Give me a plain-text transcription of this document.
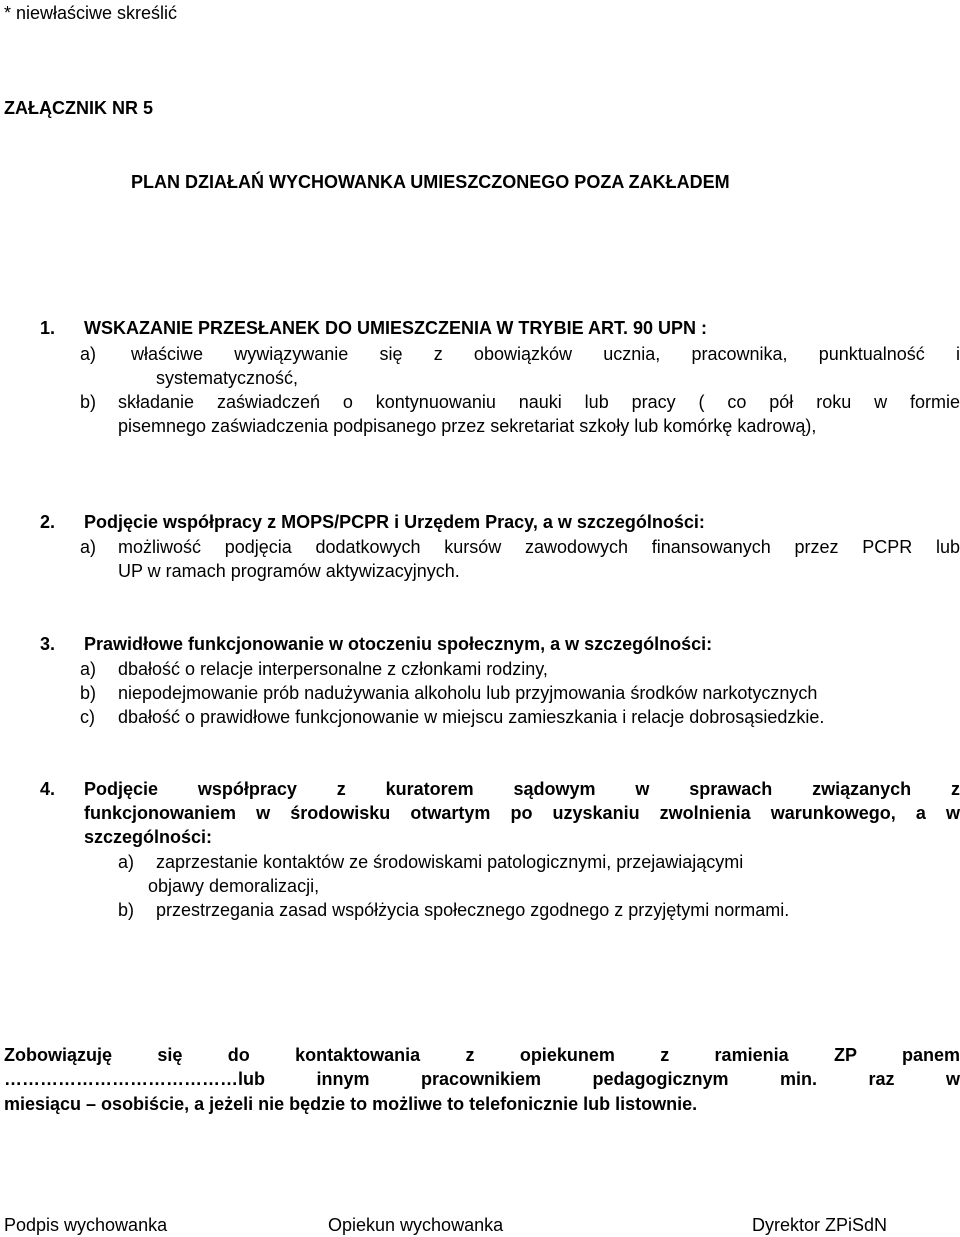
* niewłaściwe skreślić
ZAŁĄCZNIK NR 5
PLAN DZIAŁAŃ WYCHOWANKA UMIESZCZONEGO POZA ZAKŁADEM
1. WSKAZANIE PRZESŁANEK DO UMIESZCZENIA W TRYBIE ART. 90 UPN :
a) właściwe wywiązywanie się z obowiązków ucznia, pracownika, punktualność i
systematyczność,
b) składanie zaświadczeń o kontynuowaniu nauki lub pracy ( co pół roku w formie
pisemnego zaświadczenia podpisanego przez sekretariat szkoły lub komórkę kadrową),
2. Podjęcie współpracy z MOPS/PCPR i Urzędem Pracy, a w szczególności:
a) możliwość podjęcia dodatkowych kursów zawodowych finansowanych przez PCPR lub
UP w ramach programów aktywizacyjnych.
3. Prawidłowe funkcjonowanie w otoczeniu społecznym, a w szczególności:
a) dbałość o relacje interpersonalne z członkami rodziny,
b) niepodejmowanie prób nadużywania alkoholu lub przyjmowania środków narkotycznych
c) dbałość o prawidłowe funkcjonowanie w miejscu zamieszkania i relacje dobrosąsiedzkie.
4. Podjęcie współpracy z kuratorem sądowym w sprawach związanych z
funkcjonowaniem w środowisku otwartym po uzyskaniu zwolnienia warunkowego, a w
szczególności:
a) zaprzestanie kontaktów ze środowiskami patologicznymi, przejawiającymi
objawy demoralizacji,
b) przestrzegania zasad współżycia społecznego zgodnego z przyjętymi normami.
Zobowiązuję się do kontaktowania z opiekunem z ramienia ZP panem
…………………………………lub innym pracownikiem pedagogicznym min. raz w
miesiącu – osobiście, a jeżeli nie będzie to możliwe to telefonicznie lub listownie.
Podpis wychowanka	Opiekun wychowanka	Dyrektor ZPiSdN
